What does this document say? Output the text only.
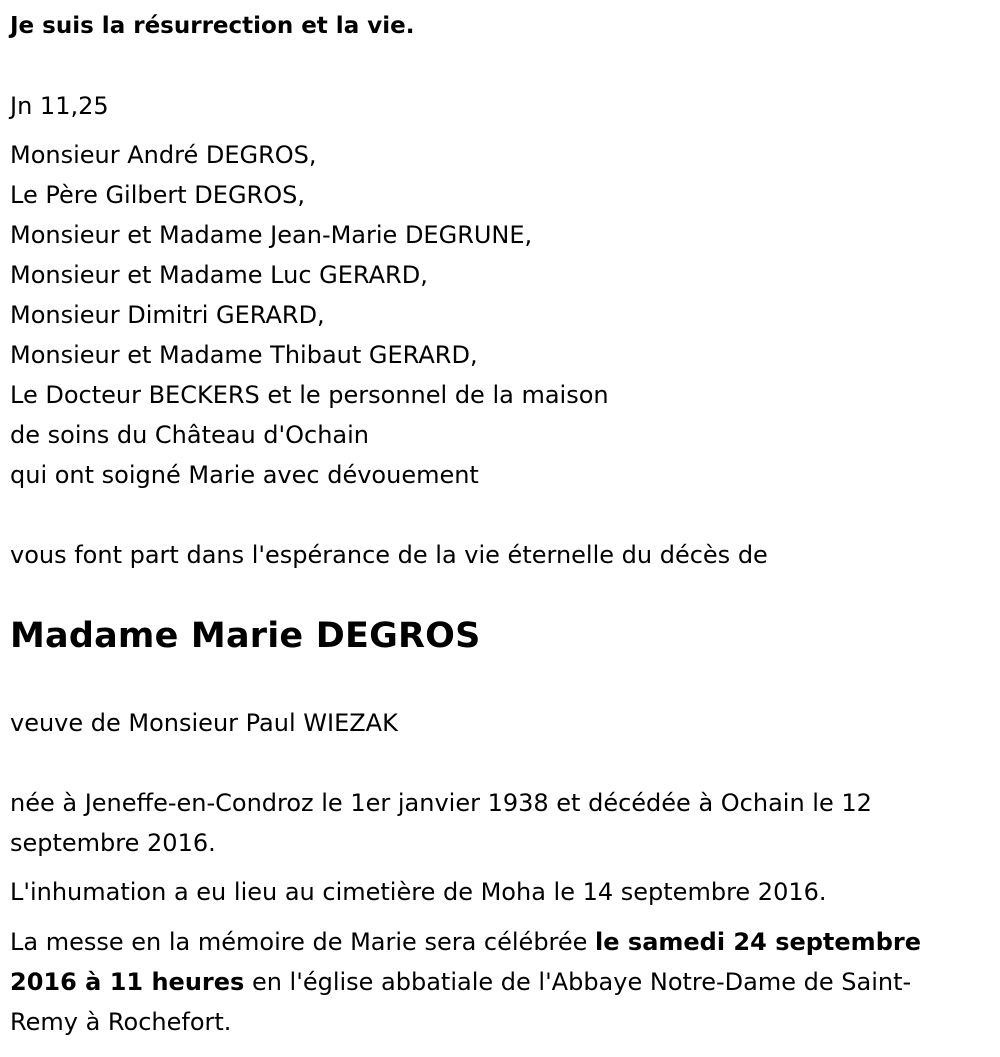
Je suis la résurrection et la vie.
Jn 11,25
Monsieur André DEGROS,
Le Père Gilbert DEGROS,
Monsieur et Madame Jean-Marie DEGRUNE,
Monsieur et Madame Luc GERARD,
Monsieur Dimitri GERARD,
Monsieur et Madame Thibaut GERARD,
Le Docteur BECKERS et le personnel de la maison
de soins du Château d'Ochain
qui ont soigné Marie avec dévouement
vous font part dans l'espérance de la vie éternelle du décès de
Madame Marie DEGROS
veuve de Monsieur Paul WIEZAK
née à Jeneffe-en-Condroz le 1er janvier 1938 et décédée à Ochain le 12 septembre 2016.
L'inhumation a eu lieu au cimetière de Moha le 14 septembre 2016.
La messe en la mémoire de Marie sera célébrée le samedi 24 septembre 2016 à 11 heures en l'église abbatiale de l'Abbaye Notre-Dame de Saint-Remy à Rochefort.
